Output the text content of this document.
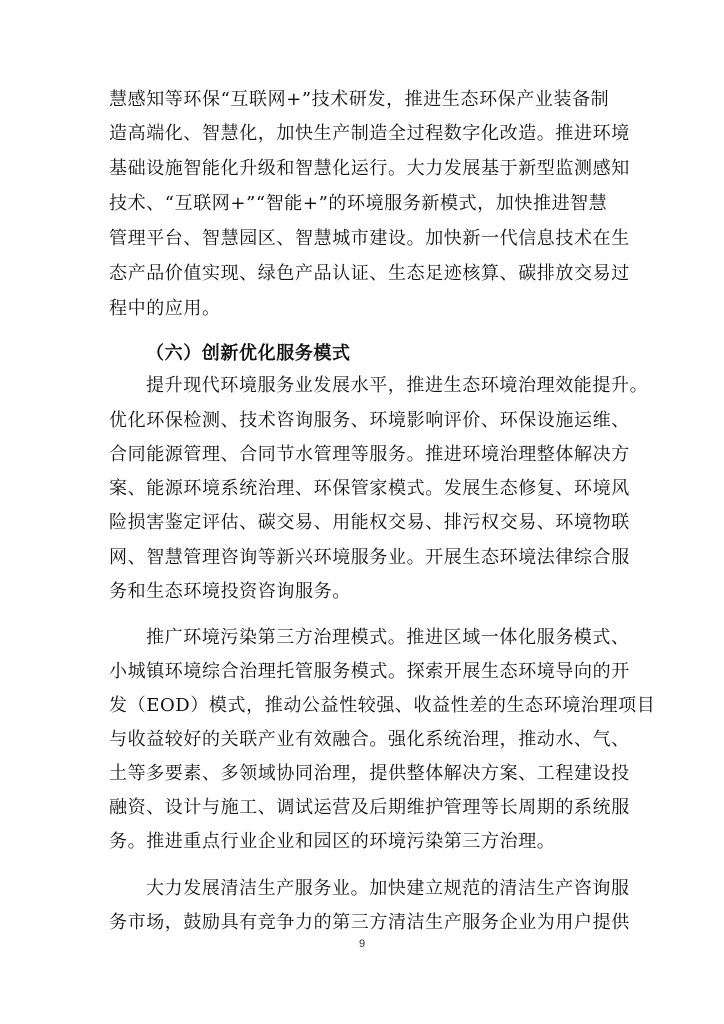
慧感知等环保“互联网+”技术研发，推进生态环保产业装备制
造高端化、智慧化，加快生产制造全过程数字化改造。推进环境
基础设施智能化升级和智慧化运行。大力发展基于新型监测感知
技术、“互联网+”“智能+”的环境服务新模式，加快推进智慧
管理平台、智慧园区、智慧城市建设。加快新一代信息技术在生
态产品价值实现、绿色产品认证、生态足迹核算、碳排放交易过
程中的应用。
（六）创新优化服务模式
提升现代环境服务业发展水平，推进生态环境治理效能提升。
优化环保检测、技术咨询服务、环境影响评价、环保设施运维、
合同能源管理、合同节水管理等服务。推进环境治理整体解决方
案、能源环境系统治理、环保管家模式。发展生态修复、环境风
险损害鉴定评估、碳交易、用能权交易、排污权交易、环境物联
网、智慧管理咨询等新兴环境服务业。开展生态环境法律综合服
务和生态环境投资咨询服务。
推广环境污染第三方治理模式。推进区域一体化服务模式、
小城镇环境综合治理托管服务模式。探索开展生态环境导向的开
发（EOD）模式，推动公益性较强、收益性差的生态环境治理项目
与收益较好的关联产业有效融合。强化系统治理，推动水、气、
土等多要素、多领域协同治理，提供整体解决方案、工程建设投
融资、设计与施工、调试运营及后期维护管理等长周期的系统服
务。推进重点行业企业和园区的环境污染第三方治理。
大力发展清洁生产服务业。加快建立规范的清洁生产咨询服
务市场，鼓励具有竞争力的第三方清洁生产服务企业为用户提供
9
